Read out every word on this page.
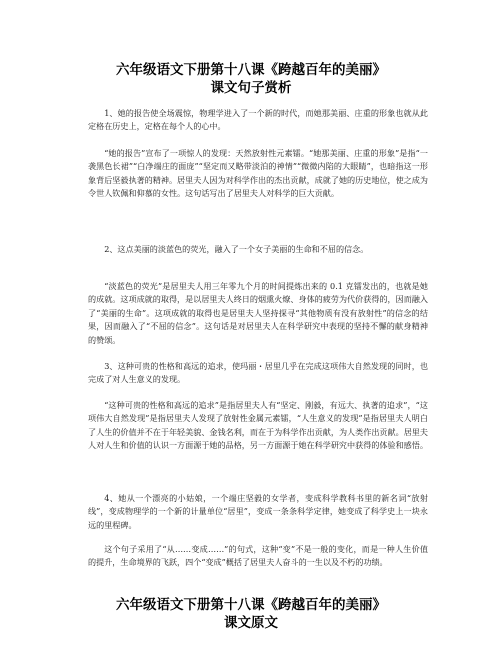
六年级语文下册第十八课《跨越百年的美丽》
课文句子赏析

1、她的报告使全场震惊，物理学进入了一个新的时代，而她那美丽、庄重的形象也就从此定格在历史上，定格在每个人的心中。

“她的报告”宣布了一项惊人的发现：天然放射性元素镭。“她那美丽、庄重的形象”是指“一袭黑色长裙”“白净端庄的面庞”“坚定而又略带淡泊的神情”“微微内陷的大眼睛”，也暗指这一形象背后坚毅执著的精神。居里夫人因为对科学作出的杰出贡献，成就了她的历史地位，使之成为令世人钦佩和仰慕的女性。这句话写出了居里夫人对科学的巨大贡献。

2、这点美丽的淡蓝色的荧光，融入了一个女子美丽的生命和不屈的信念。

“淡蓝色的荧光”是居里夫人用三年零九个月的时间提炼出来的 0.1 克镭发出的，也就是她的成就。这项成就的取得，是以居里夫人终日的烟熏火燎、身体的疲劳为代价获得的，因而融入了“美丽的生命”。这项成就的取得也是居里夫人坚持探寻“其他物质有没有放射性”的信念的结果，因而融入了“不屈的信念”。这句话是对居里夫人在科学研究中表现的坚持不懈的献身精神的赞颂。

3、这种可贵的性格和高远的追求，使玛丽・居里几乎在完成这项伟大自然发现的同时，也完成了对人生意义的发现。

“这种可贵的性格和高远的追求”是指居里夫人有“坚定、刚毅，有远大、执著的追求”，“这项伟大自然发现”是指居里夫人发现了放射性金属元素镭，“人生意义的发现”是指居里夫人明白了人生的价值并不在于年轻美貌、金钱名利，而在于为科学作出贡献，为人类作出贡献。居里夫人对人生和价值的认识一方面源于她的品格，另一方面源于她在科学研究中获得的体验和感悟。

4、她从一个漂亮的小姑娘，一个端庄坚毅的女学者，变成科学教科书里的新名词“放射线”，变成物理学的一个新的计量单位“居里”，变成一条条科学定律，她变成了科学史上一块永远的里程碑。

这个句子采用了“从……变成……”的句式，这种“变”不是一般的变化，而是一种人生价值的提升，生命境界的飞跃，四个“变成”概括了居里夫人奋斗的一生以及不朽的功绩。

六年级语文下册第十八课《跨越百年的美丽》
课文原文
